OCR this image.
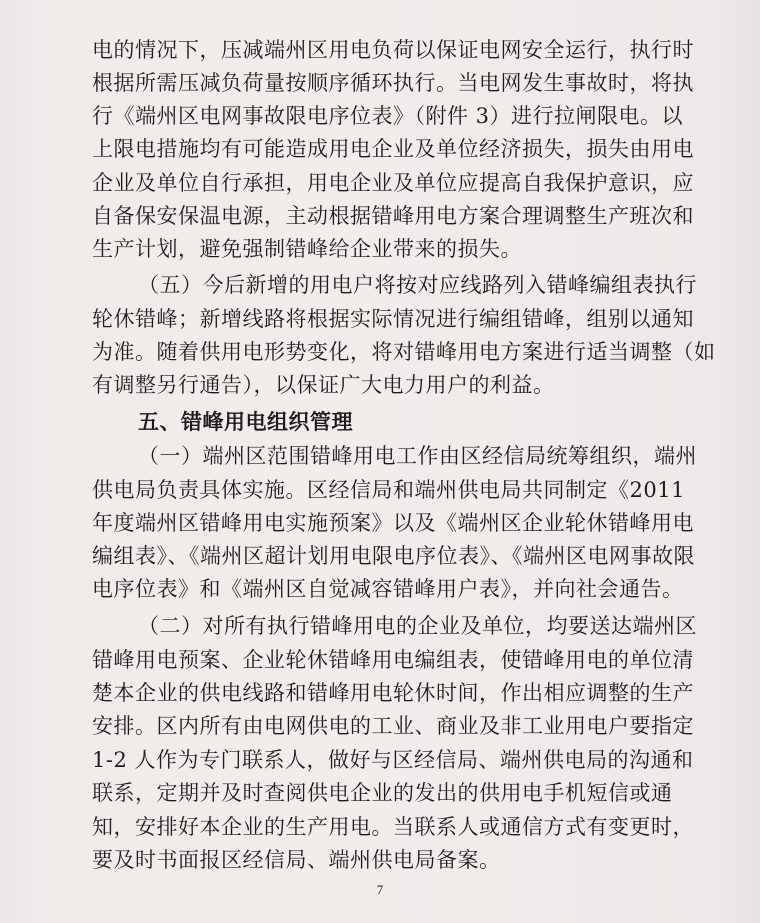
电的情况下，压减端州区用电负荷以保证电网安全运行，执行时
根据所需压减负荷量按顺序循环执行。当电网发生事故时，将执
行《端州区电网事故限电序位表》（附件 3）进行拉闸限电。以
上限电措施均有可能造成用电企业及单位经济损失，损失由用电
企业及单位自行承担，用电企业及单位应提高自我保护意识，应
自备保安保温电源，主动根据错峰用电方案合理调整生产班次和
生产计划，避免强制错峰给企业带来的损失。
（五）今后新增的用电户将按对应线路列入错峰编组表执行
轮休错峰；新增线路将根据实际情况进行编组错峰，组别以通知
为准。随着供用电形势变化，将对错峰用电方案进行适当调整（如
有调整另行通告），以保证广大电力用户的利益。
五、错峰用电组织管理
（一）端州区范围错峰用电工作由区经信局统筹组织，端州
供电局负责具体实施。区经信局和端州供电局共同制定《2011
年度端州区错峰用电实施预案》以及《端州区企业轮休错峰用电
编组表》、《端州区超计划用电限电序位表》、《端州区电网事故限
电序位表》和《端州区自觉减容错峰用户表》，并向社会通告。
（二）对所有执行错峰用电的企业及单位，均要送达端州区
错峰用电预案、企业轮休错峰用电编组表，使错峰用电的单位清
楚本企业的供电线路和错峰用电轮休时间，作出相应调整的生产
安排。区内所有由电网供电的工业、商业及非工业用电户要指定
1-2 人作为专门联系人，做好与区经信局、端州供电局的沟通和
联系，定期并及时查阅供电企业的发出的供用电手机短信或通
知，安排好本企业的生产用电。当联系人或通信方式有变更时，
要及时书面报区经信局、端州供电局备案。
7
